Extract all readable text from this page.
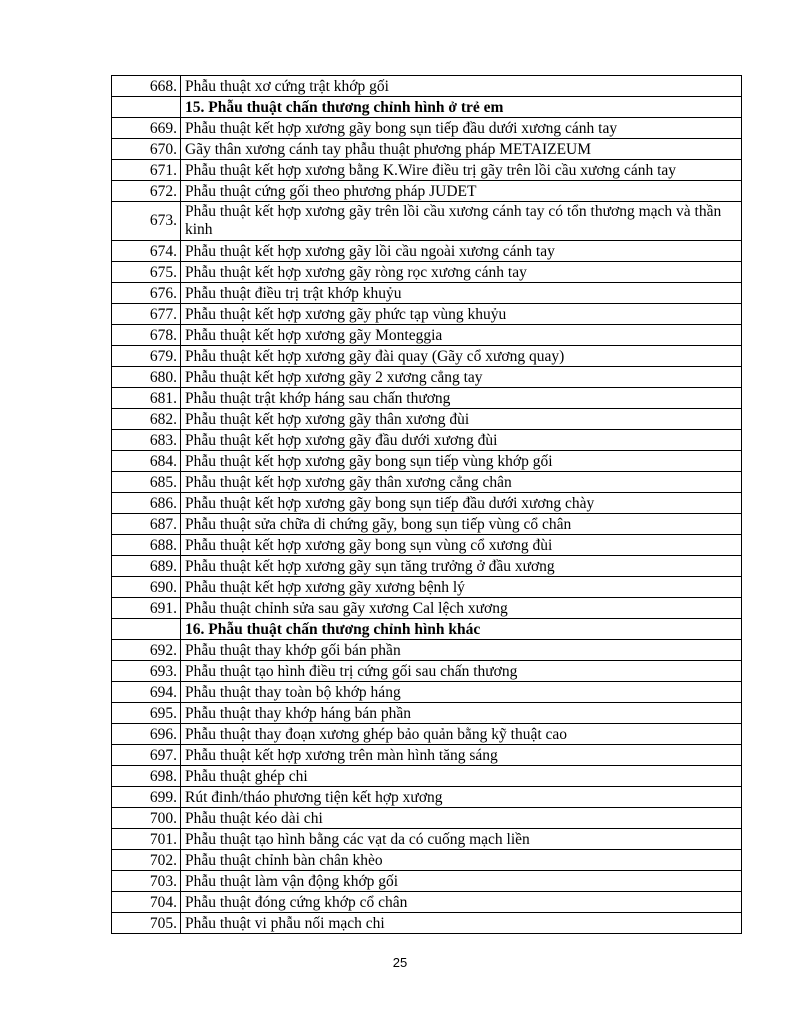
668.	Phẫu thuật xơ cứng trật khớp gối
	15. Phẫu thuật chấn thương chỉnh hình ở trẻ em
669.	Phẫu thuật kết hợp xương gãy bong sụn tiếp đầu dưới xương cánh tay
670.	Gãy thân xương cánh tay phẫu thuật phương pháp METAIZEUM
671.	Phẫu thuật kết hợp xương bằng K.Wire điều trị gãy trên lồi cầu xương cánh tay
672.	Phẫu thuật cứng gối theo phương pháp JUDET
673.	Phẫu thuật kết hợp xương gãy trên lồi cầu xương cánh tay có tổn thương mạch và thần kinh
674.	Phẫu thuật kết hợp xương gãy lồi cầu ngoài xương cánh tay
675.	Phẫu thuật kết hợp xương gãy ròng rọc xương cánh tay
676.	Phẫu thuật điều trị trật khớp khuỷu
677.	Phẫu thuật kết hợp xương gãy phức tạp vùng khuỷu
678.	Phẫu thuật kết hợp xương gãy Monteggia
679.	Phẫu thuật kết hợp xương gãy đài quay (Gãy cổ xương quay)
680.	Phẫu thuật kết hợp xương gãy 2 xương cẳng tay
681.	Phẫu thuật trật khớp háng sau chấn thương
682.	Phẫu thuật kết hợp xương gãy thân xương đùi
683.	Phẫu thuật kết hợp xương gãy đầu dưới xương đùi
684.	Phẫu thuật kết hợp xương gãy bong sụn tiếp vùng khớp gối
685.	Phẫu thuật kết hợp xương gãy thân xương cẳng chân
686.	Phẫu thuật kết hợp xương gãy bong sụn tiếp đầu dưới xương chày
687.	Phẫu thuật sửa chữa di chứng gãy, bong sụn tiếp vùng cổ chân
688.	Phẫu thuật kết hợp xương gãy bong sụn vùng cổ xương đùi
689.	Phẫu thuật kết hợp xương gãy sụn tăng trưởng ở đầu xương
690.	Phẫu thuật kết hợp xương gãy xương bệnh lý
691.	Phẫu thuật chỉnh sửa sau gãy xương Cal lệch xương
	16. Phẫu thuật chấn thương chỉnh hình khác
692.	Phẫu thuật thay khớp gối bán phần
693.	Phẫu thuật tạo hình điều trị cứng gối sau chấn thương
694.	Phẫu thuật thay toàn bộ khớp háng
695.	Phẫu thuật thay khớp háng bán phần
696.	Phẫu thuật thay đoạn xương ghép bảo quản bằng kỹ thuật cao
697.	Phẫu thuật kết hợp xương trên màn hình tăng sáng
698.	Phẫu thuật ghép chi
699.	Rút đinh/tháo phương tiện kết hợp xương
700.	Phẫu thuật kéo dài chi
701.	Phẫu thuật tạo hình bằng các vạt da có cuống mạch liền
702.	Phẫu thuật chỉnh bàn chân khèo
703.	Phẫu thuật làm vận động khớp gối
704.	Phẫu thuật đóng cứng khớp cổ chân
705.	Phẫu thuật vi phẫu nối mạch chi
25
